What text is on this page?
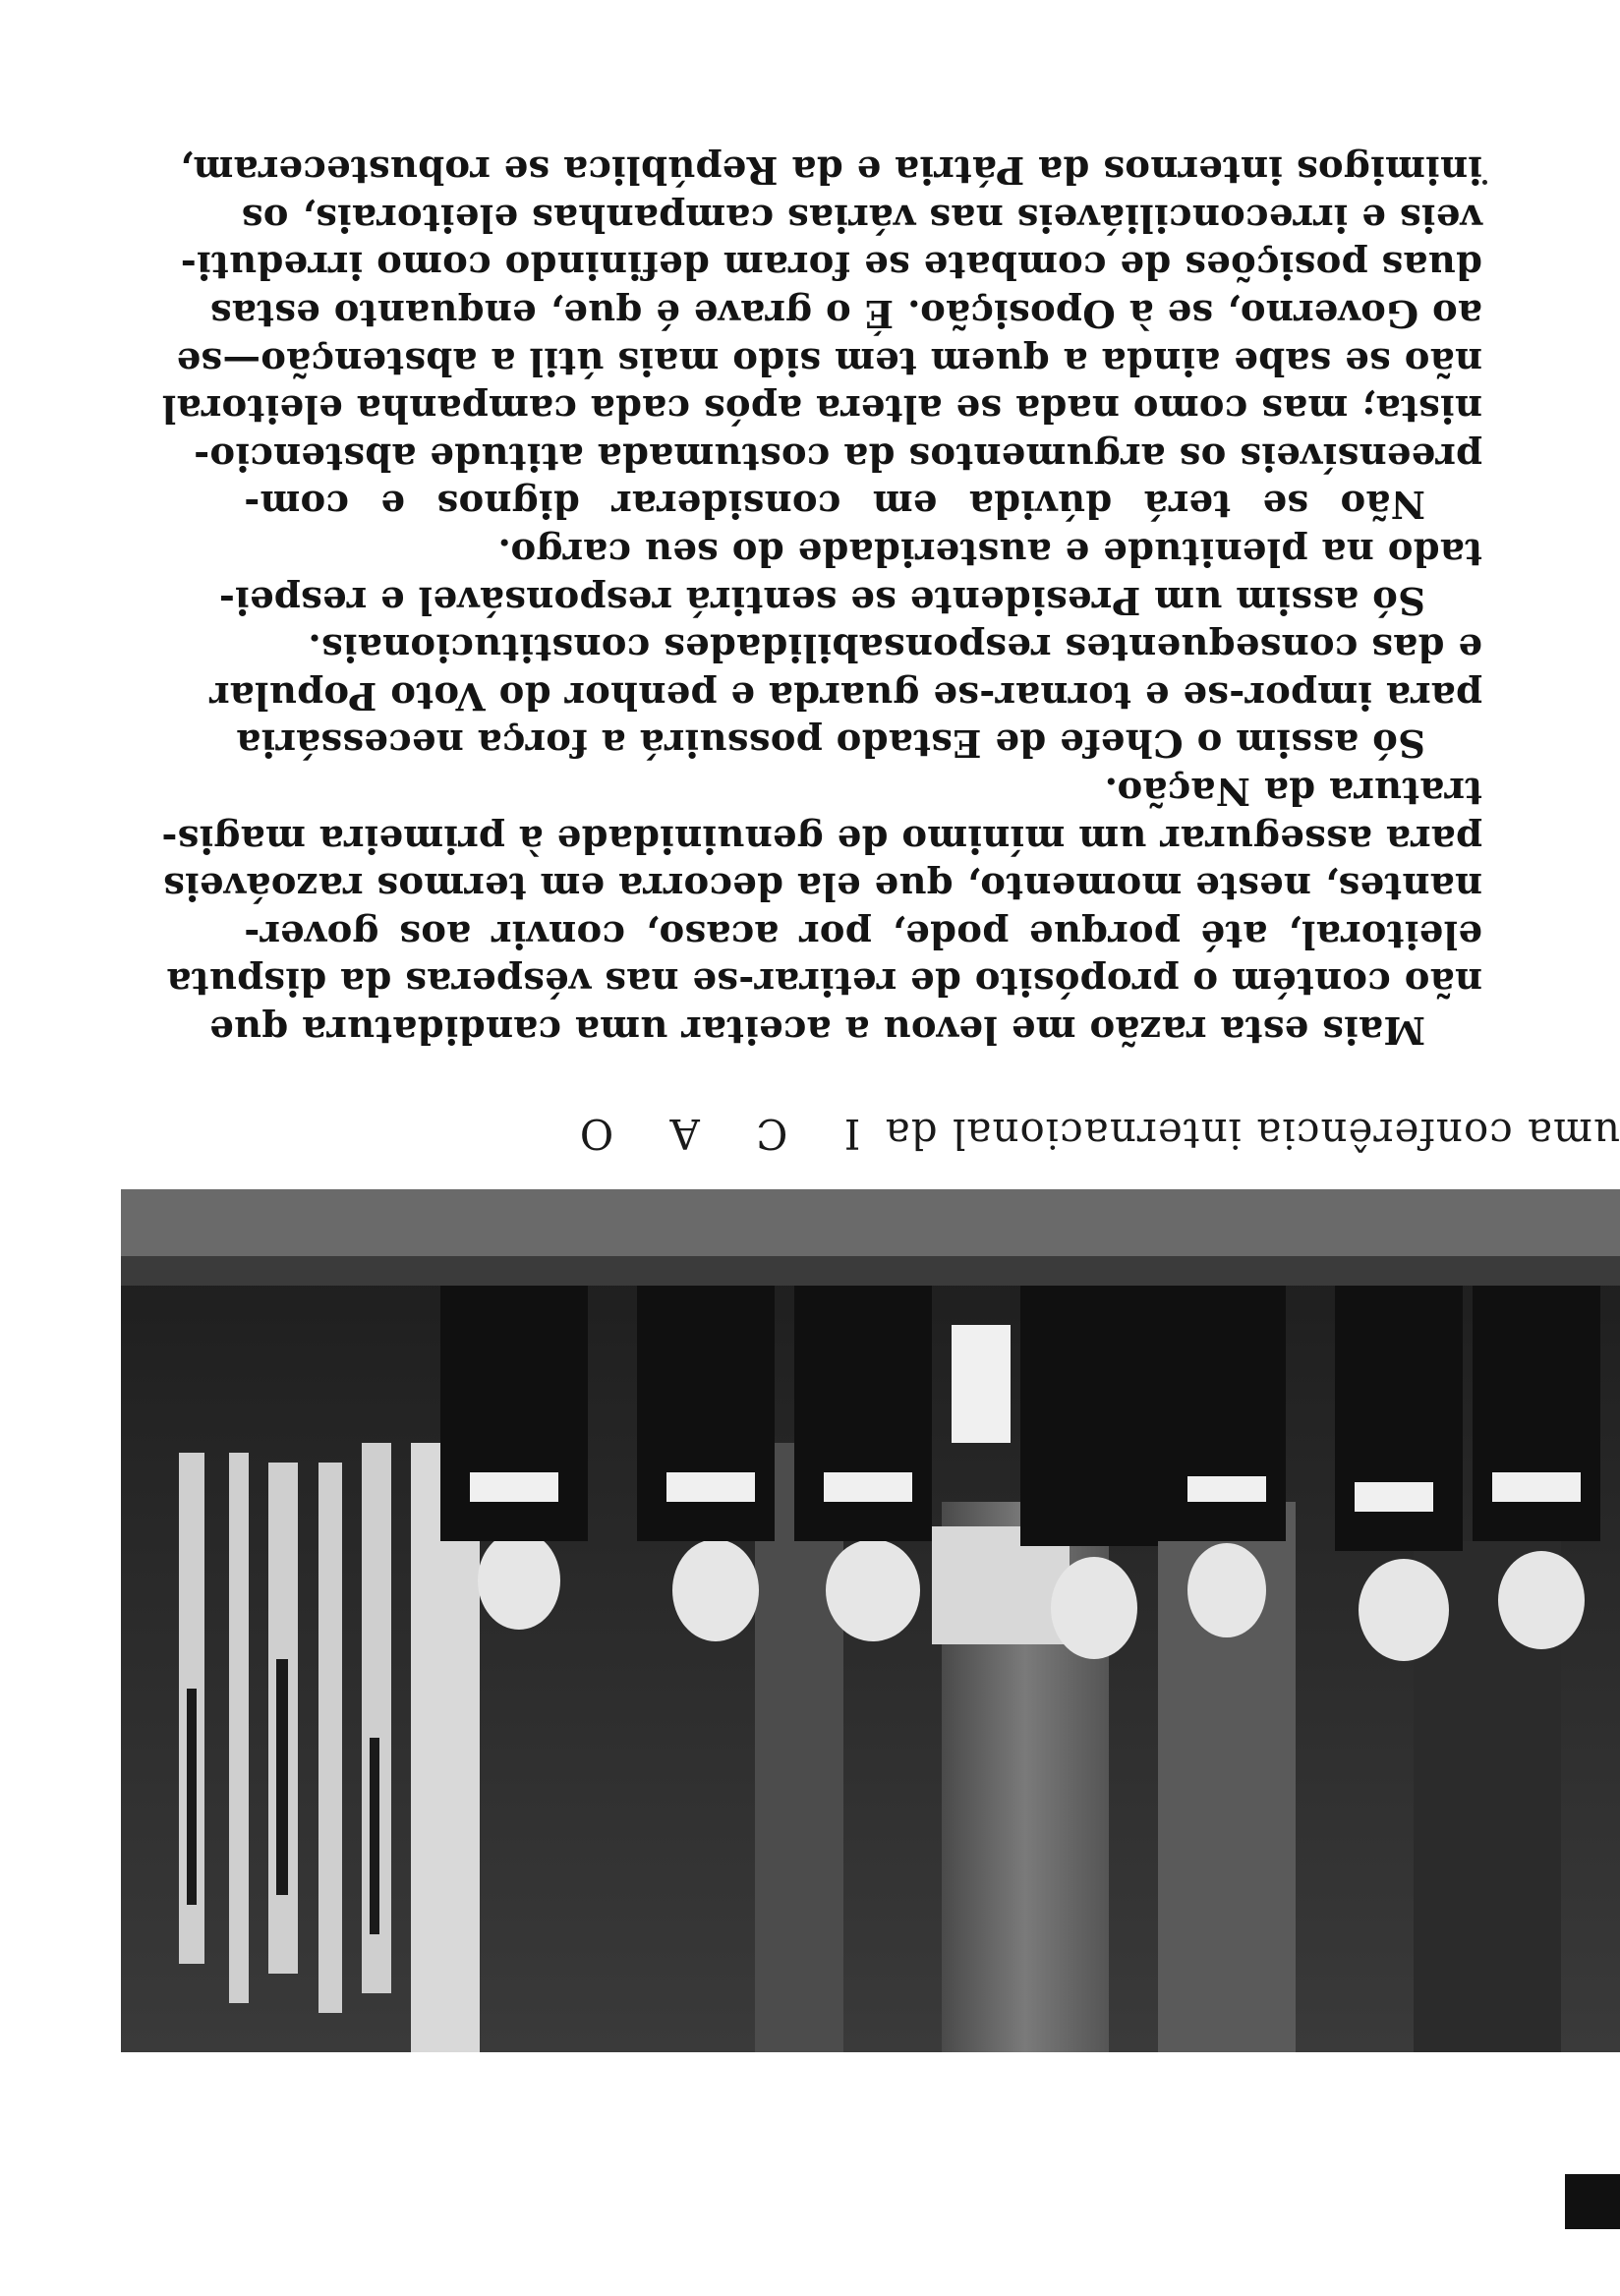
Mais esta razão me levou a aceitar uma candidatura que
não contém o propósito de retirar-se nas vésperas da disputa
eleitoral, até porque pode, por acaso, convir aos gover-
nantes, neste momento, que ela decorra em termos razoáveis
para assegurar um mínimo de genuinidade à primeira magis-
tratura da Nação.

Só assim o Chefe de Estado possuirá a força necessária
para impor-se e tornar-se guarda e penhor do Voto Popular
e das consequentes responsabilidades constitucionais.

Só assim um Presidente se sentirá responsável e respei-
tado na plenitude e austeridade do seu cargo.

Não se terá dúvida em considerar dignos e com-
preensíveis os argumentos da costumada atitude abstencio-
nista; mas como nada se altera após cada campanha eleitoral
não se sabe ainda a quem tem sido mais útil a abstenção—se
ao Governo, se à Oposição. É o grave é que, enquanto estas
duas posições de combate se foram definindo como irreduti-
veis e irreconciliáveis nas várias campanhas eleitorais, os
inimigos internos da Pátria e da República se robusteceram,

uma conferência internacional da I C A O
